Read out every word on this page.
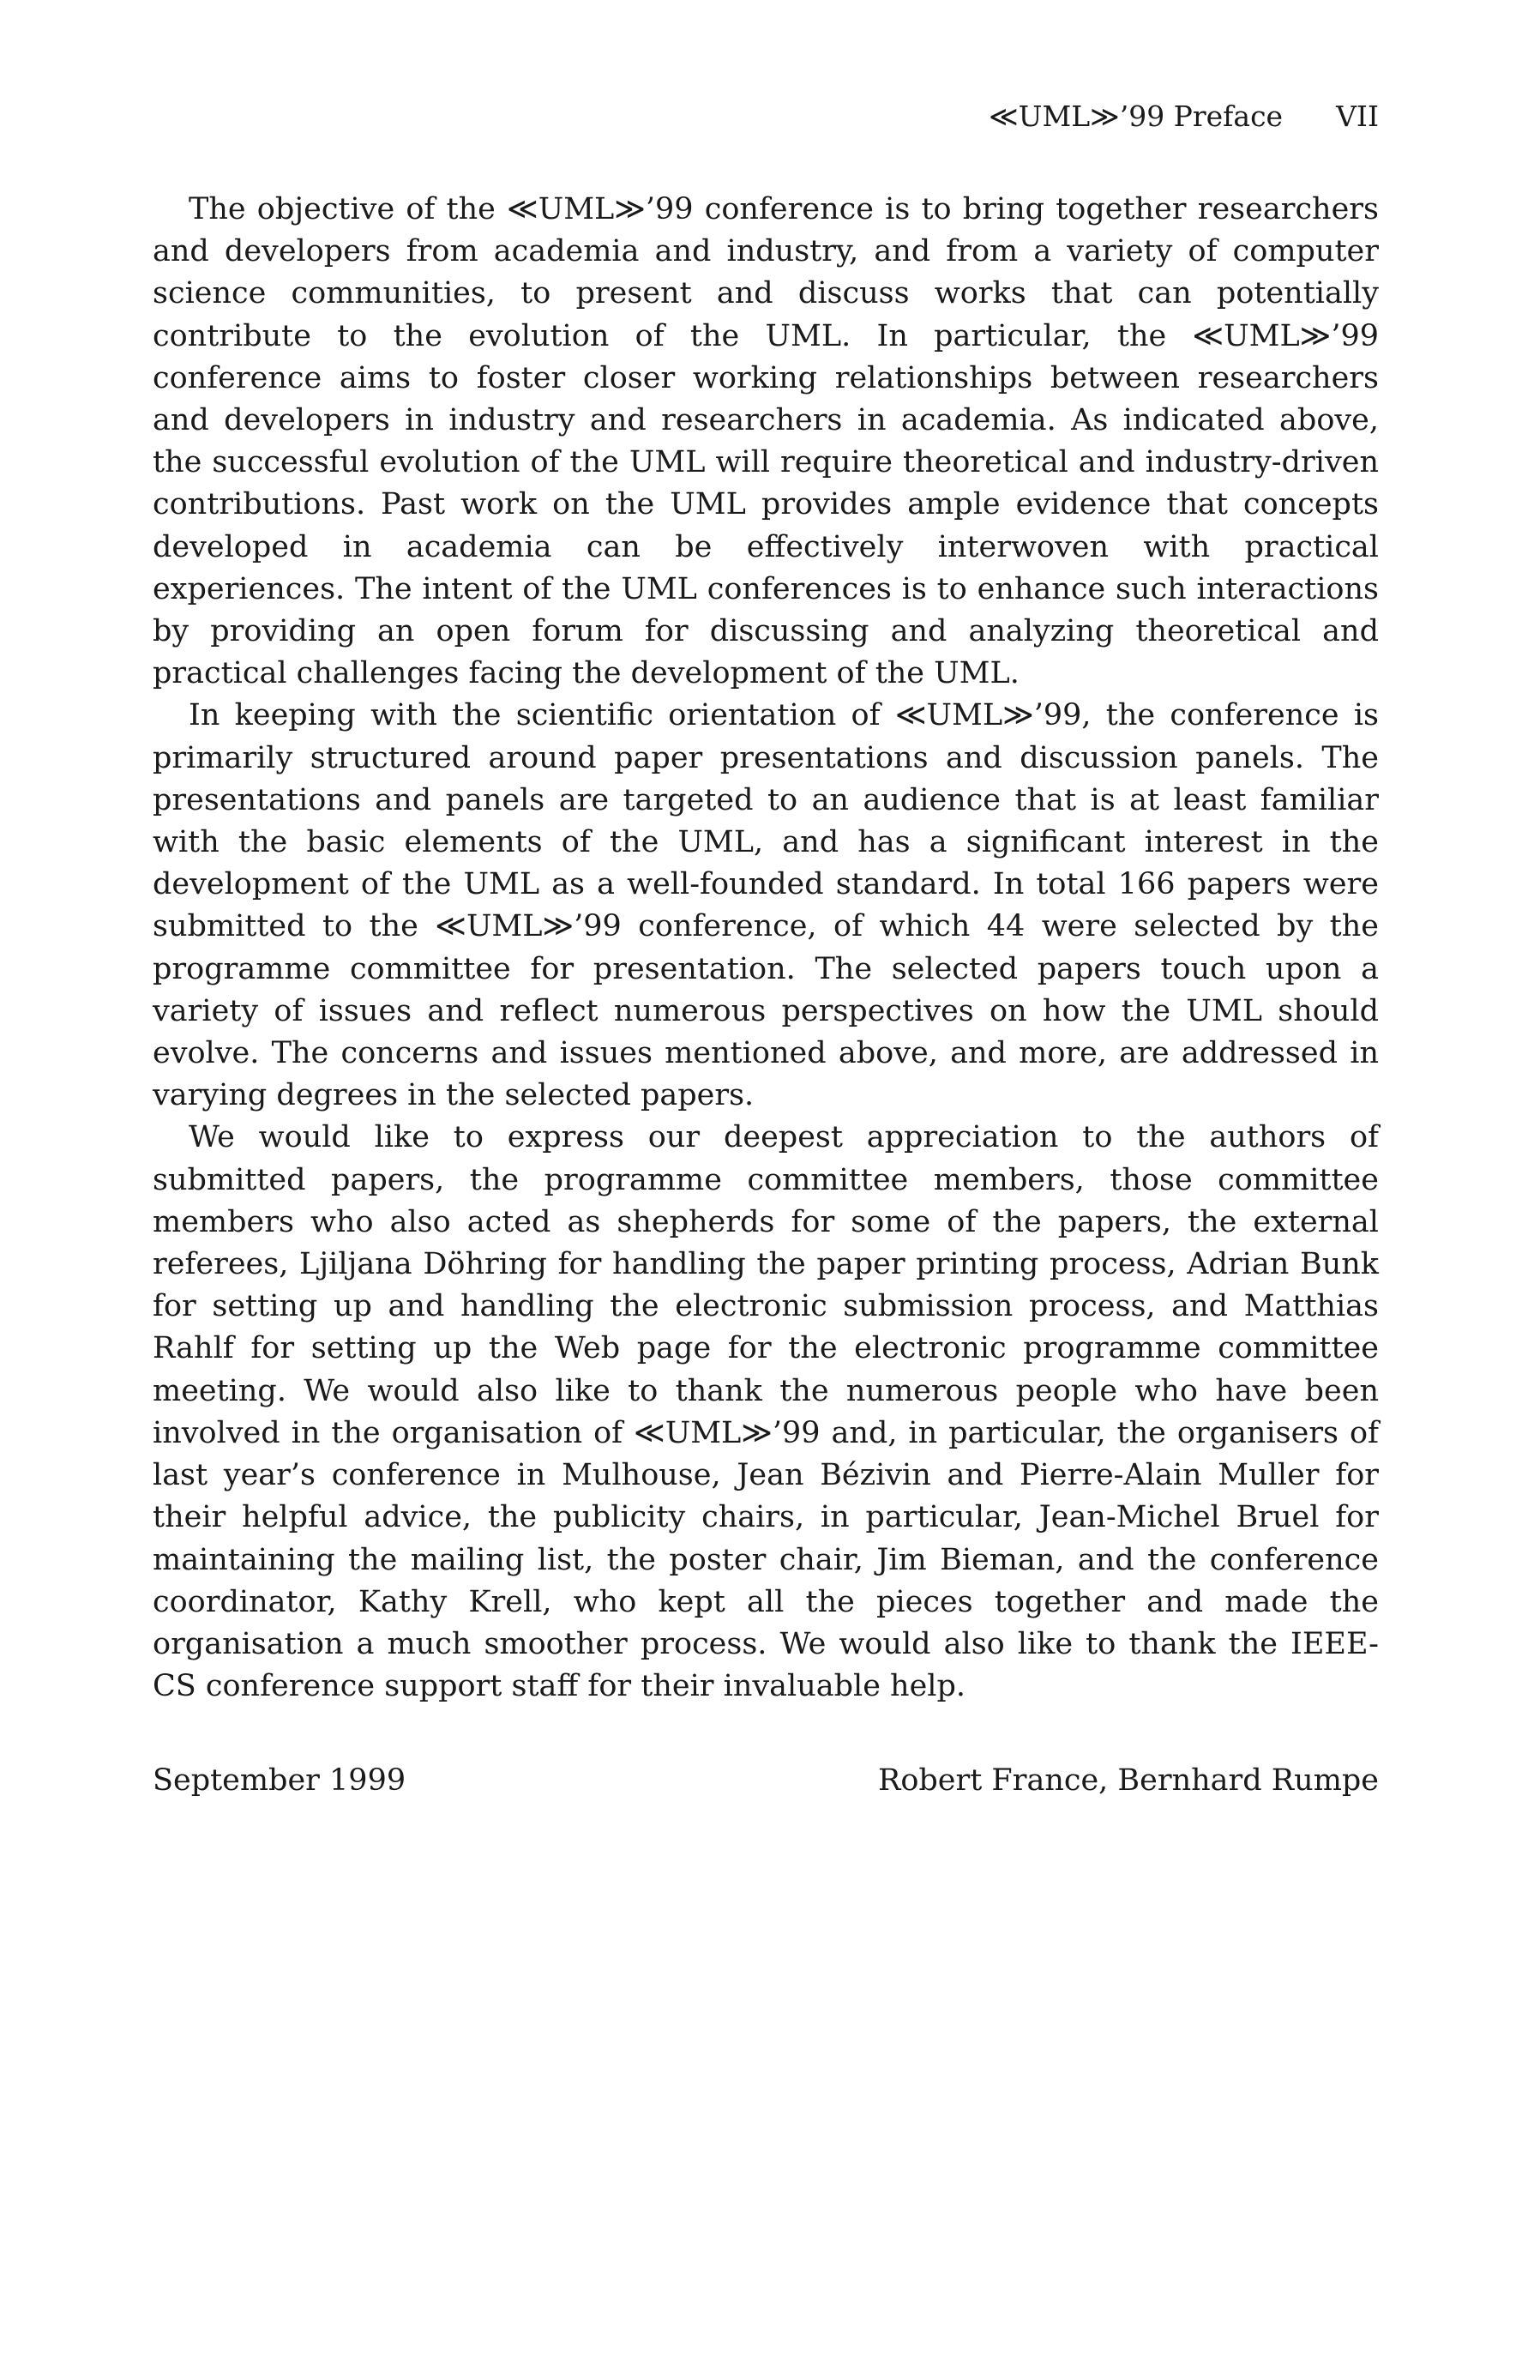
≪UML≫’99 Preface VII

The objective of the ≪UML≫’99 conference is to bring together researchers and developers from academia and industry, and from a variety of computer science communities, to present and discuss works that can potentially contribute to the evolution of the UML. In particular, the ≪UML≫’99 conference aims to foster closer working relationships between researchers and developers in industry and researchers in academia. As indicated above, the successful evolution of the UML will require theoretical and industry-driven contributions. Past work on the UML provides ample evidence that concepts developed in academia can be effectively interwoven with practical experiences. The intent of the UML conferences is to enhance such interactions by providing an open forum for discussing and analyzing theoretical and practical challenges facing the development of the UML.

In keeping with the scientific orientation of ≪UML≫’99, the conference is primarily structured around paper presentations and discussion panels. The presentations and panels are targeted to an audience that is at least familiar with the basic elements of the UML, and has a significant interest in the development of the UML as a well-founded standard. In total 166 papers were submitted to the ≪UML≫’99 conference, of which 44 were selected by the programme committee for presentation. The selected papers touch upon a variety of issues and reflect numerous perspectives on how the UML should evolve. The concerns and issues mentioned above, and more, are addressed in varying degrees in the selected papers.

We would like to express our deepest appreciation to the authors of submitted papers, the programme committee members, those committee members who also acted as shepherds for some of the papers, the external referees, Ljiljana Döhring for handling the paper printing process, Adrian Bunk for setting up and handling the electronic submission process, and Matthias Rahlf for setting up the Web page for the electronic programme committee meeting. We would also like to thank the numerous people who have been involved in the organisation of ≪UML≫’99 and, in particular, the organisers of last year’s conference in Mulhouse, Jean Bézivin and Pierre-Alain Muller for their helpful advice, the publicity chairs, in particular, Jean-Michel Bruel for maintaining the mailing list, the poster chair, Jim Bieman, and the conference coordinator, Kathy Krell, who kept all the pieces together and made the organisation a much smoother process. We would also like to thank the IEEE-CS conference support staff for their invaluable help.

September 1999	Robert France, Bernhard Rumpe
